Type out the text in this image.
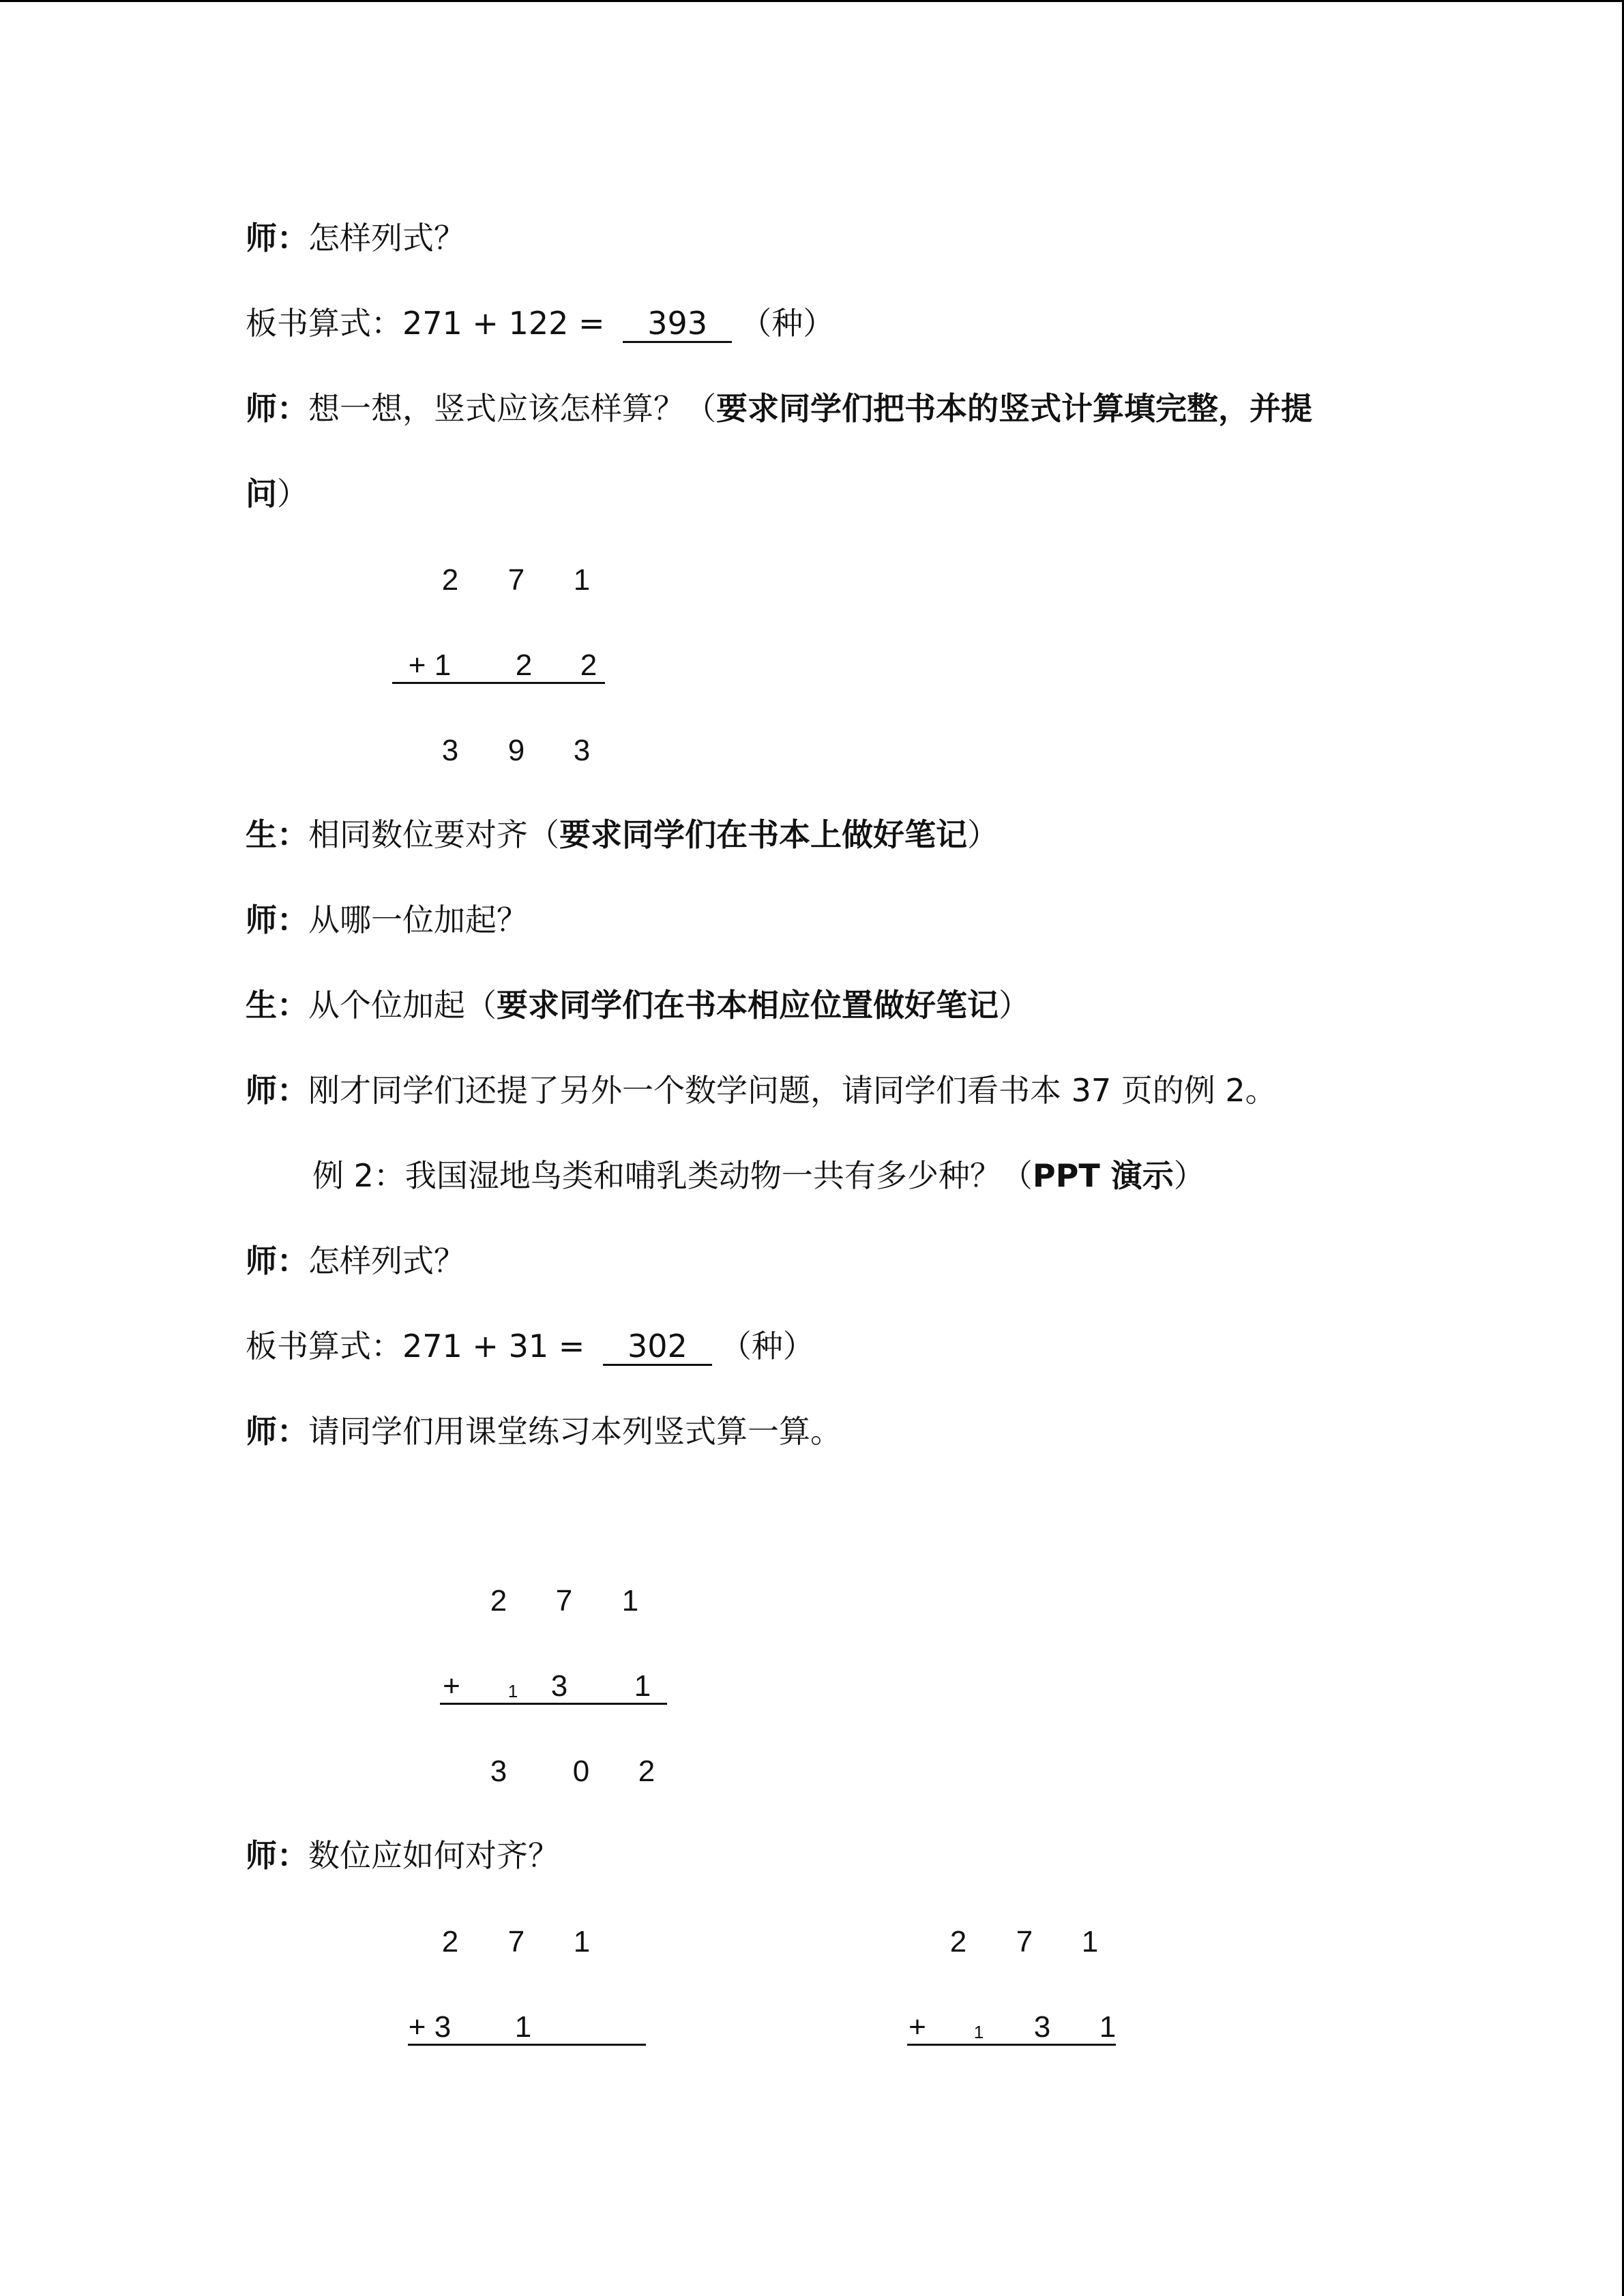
师：怎样列式？
板书算式：271 + 122 = 393 （种）
师：想一想，竖式应该怎样算？（要求同学们把书本的竖式计算填完整，并提
问）
2	7	1
+ 1	2	2
3	9	3
生：相同数位要对齐（要求同学们在书本上做好笔记）
师：从哪一位加起？
生：从个位加起（要求同学们在书本相应位置做好笔记）
师：刚才同学们还提了另外一个数学问题，请同学们看书本 37 页的例 2。
例 2：我国湿地鸟类和哺乳类动物一共有多少种？（PPT 演示）
师：怎样列式？
板书算式：271 + 31 = 302 （种）
师：请同学们用课堂练习本列竖式算一算。
2	7	1
+	1	3	1
3	0	2
师：数位应如何对齐？
2	7	1
+ 3	1
2	7	1
+	1	3	1
